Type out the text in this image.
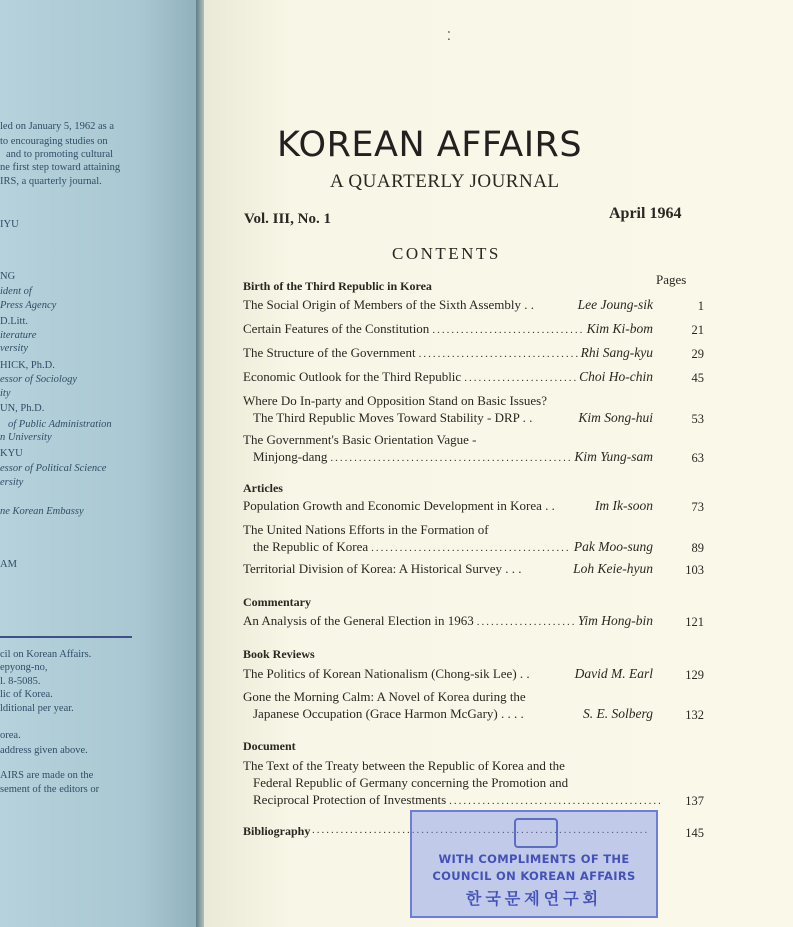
led on January 5, 1962 as a
to encouraging studies on
and to promoting cultural
ne first step toward attaining
IRS, a quarterly journal.
IYU
NG
ident of
Press Agency
D.Litt.
iterature
versity
HICK, Ph.D.
essor of Sociology
ity
UN, Ph.D.
of Public Administration
n University
KYU
essor of Political Science
ersity
ne Korean Embassy
AM
cil on Korean Affairs.
epyong-no,
l. 8-5085.
lic of Korea.
lditional per year.
orea.
address given above.
AIRS are made on the
sement of the editors or
⁚
KOREAN AFFAIRS
A QUARTERLY JOURNAL
Vol. III, No. 1	April 1964
CONTENTS
Pages
Birth of the Third Republic in Korea
The Social Origin of Members of the Sixth Assembly . .	Lee Joung-sik	1
Certain Features of the Constitution .....	Kim Ki-bom	21
The Structure of the Government .....	Rhi Sang-kyu	29
Economic Outlook for the Third Republic .....	Choi Ho-chin	45
Where Do In-party and Opposition Stand on Basic Issues?
The Third Republic Moves Toward Stability - DRP . .	Kim Song-hui	53
The Government's Basic Orientation Vague -
Minjong-dang .....	Kim Yung-sam	63
Articles
Population Growth and Economic Development in Korea . .	Im Ik-soon	73
The United Nations Efforts in the Formation of
the Republic of Korea .....	Pak Moo-sung	89
Territorial Division of Korea: A Historical Survey . . .	Loh Keie-hyun	103
Commentary
An Analysis of the General Election in 1963 .....	Yim Hong-bin	121
Book Reviews
The Politics of Korean Nationalism (Chong-sik Lee) . .	David M. Earl	129
Gone the Morning Calm: A Novel of Korea during the
Japanese Occupation (Grace Harmon McGary) . . . .	S. E. Solberg	132
Document
The Text of the Treaty between the Republic of Korea and the
Federal Republic of Germany concerning the Promotion and
Reciprocal Protection of Investments .....	137
Bibliography .....	145
WITH COMPLIMENTS OF THE
COUNCIL ON KOREAN AFFAIRS
한국문제연구회
